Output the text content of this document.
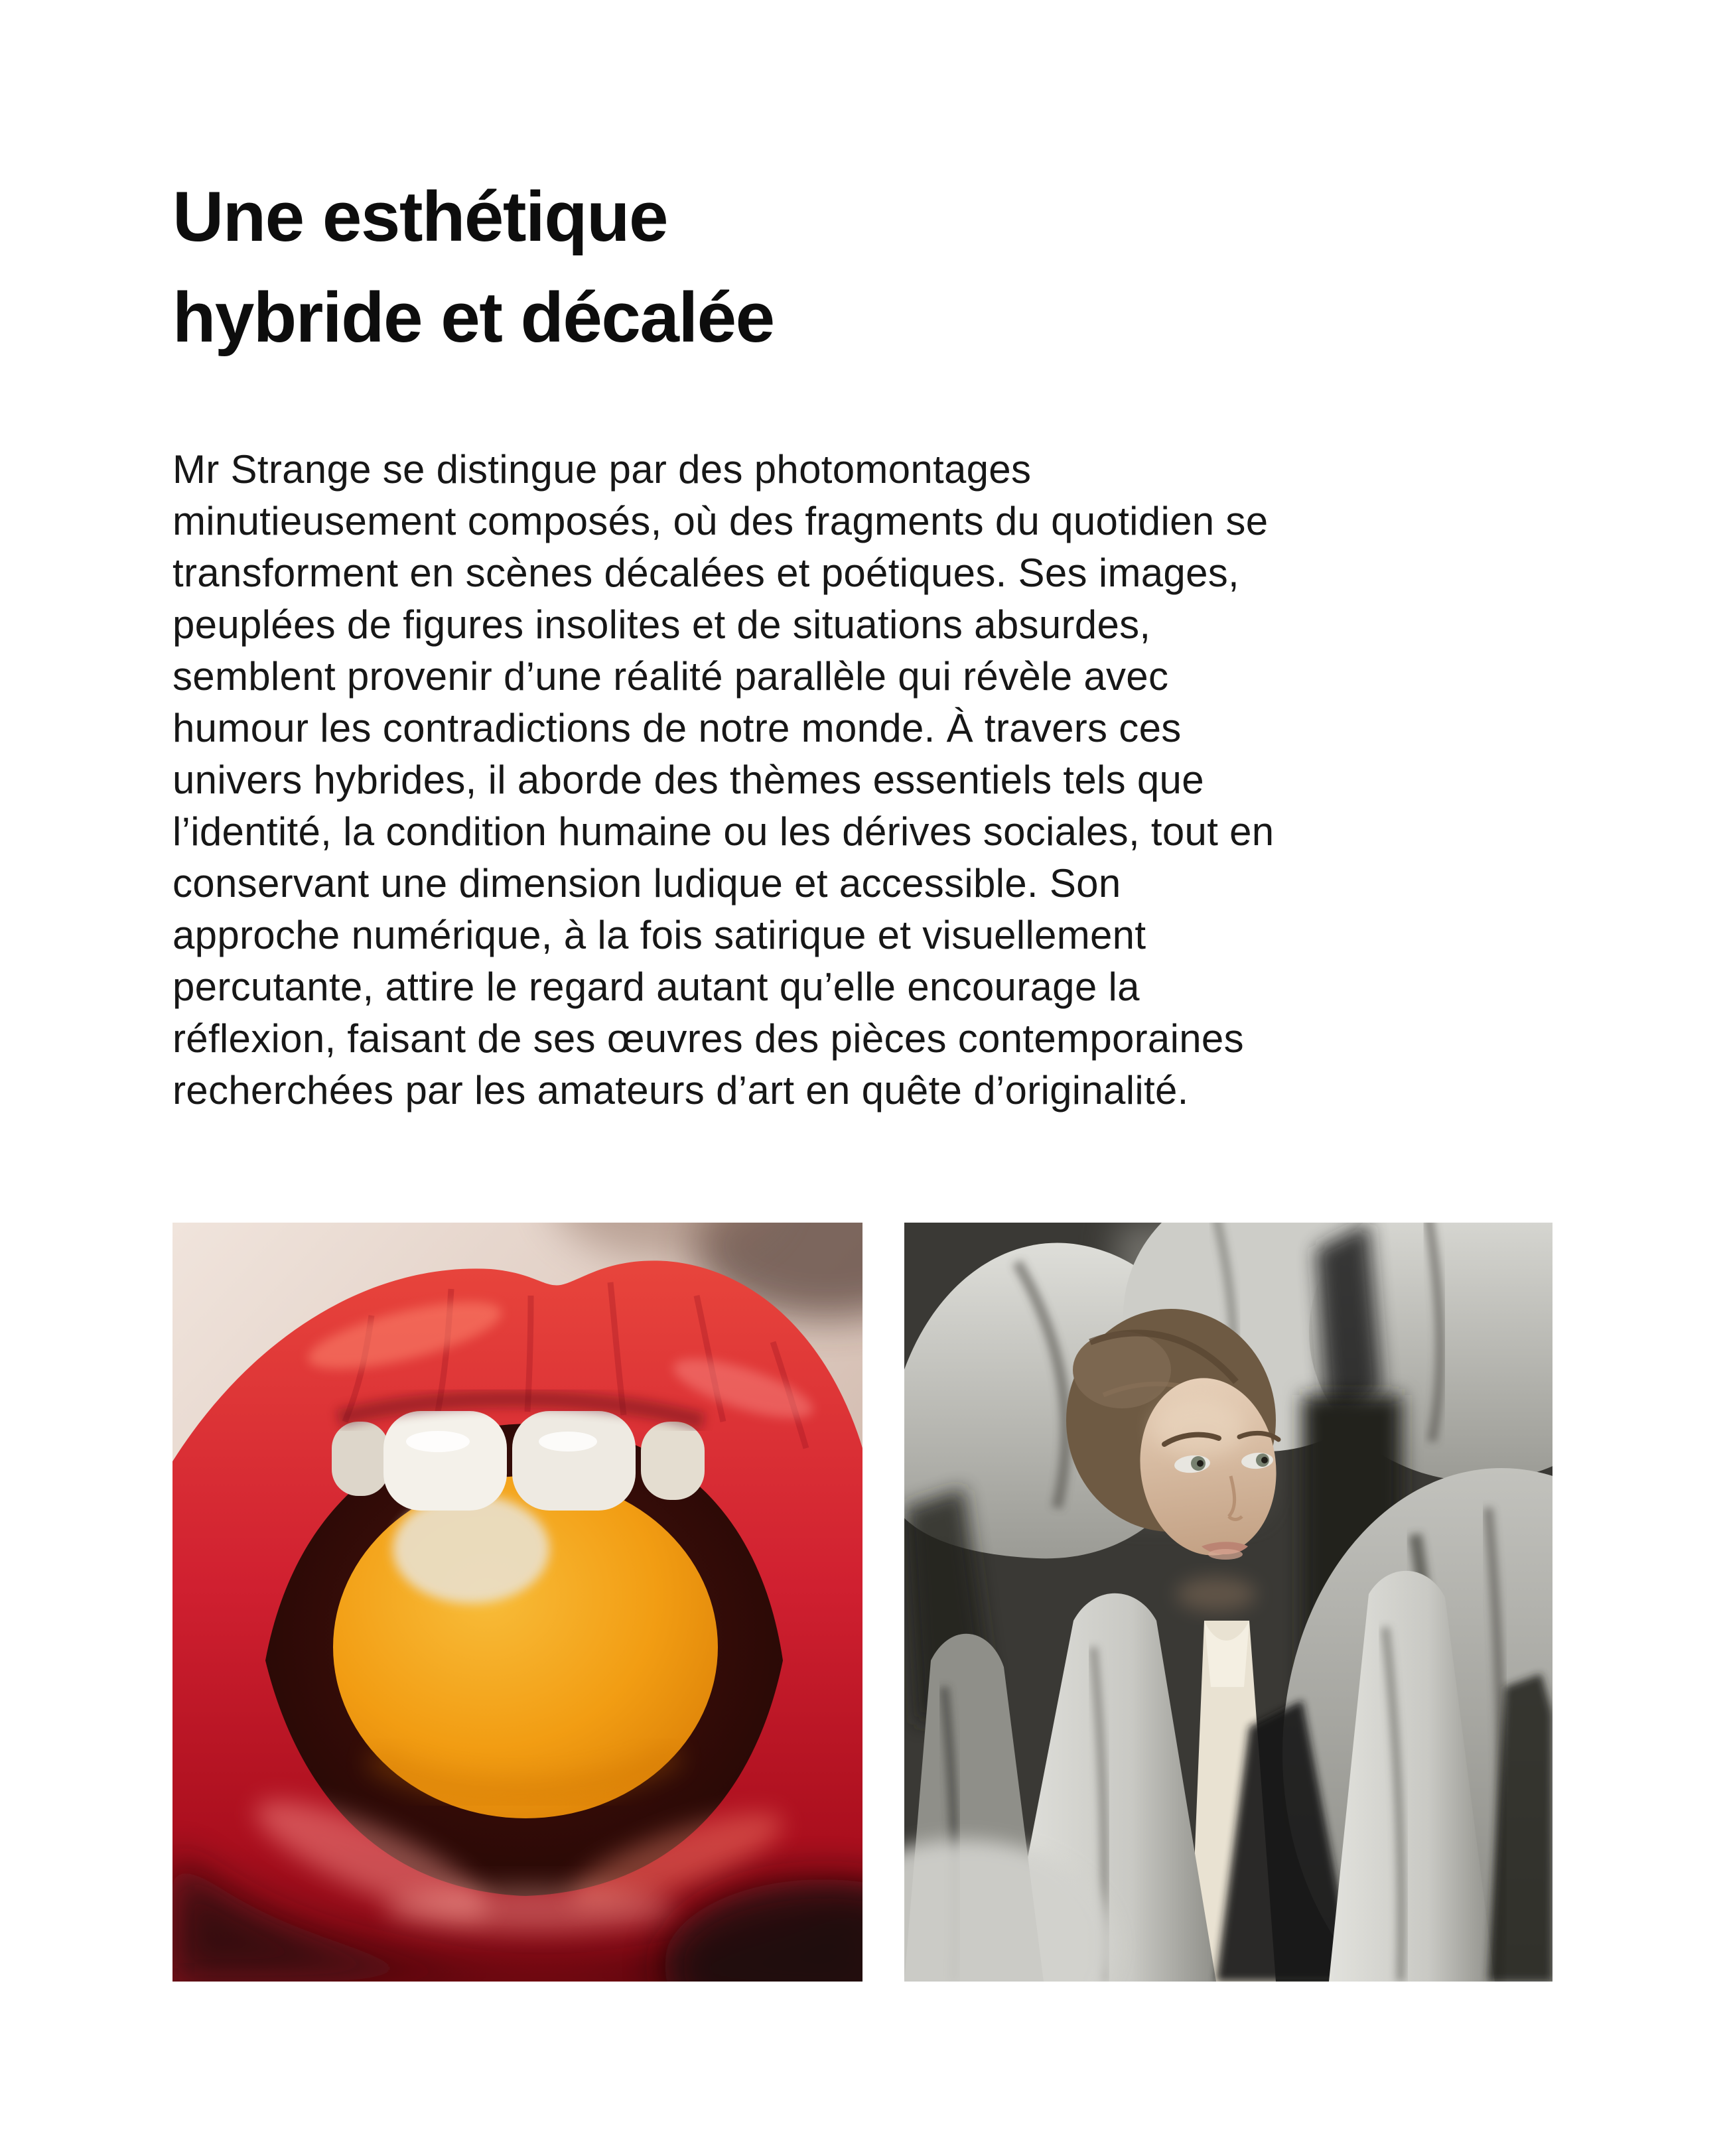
Une esthétique
hybride et décalée
Mr Strange se distingue par des photomontages
minutieusement composés, où des fragments du quotidien se
transforment en scènes décalées et poétiques. Ses images,
peuplées de figures insolites et de situations absurdes,
semblent provenir d’une réalité parallèle qui révèle avec
humour les contradictions de notre monde. À travers ces
univers hybrides, il aborde des thèmes essentiels tels que
l’identité, la condition humaine ou les dérives sociales, tout en
conservant une dimension ludique et accessible. Son
approche numérique, à la fois satirique et visuellement
percutante, attire le regard autant qu’elle encourage la
réflexion, faisant de ses œuvres des pièces contemporaines
recherchées par les amateurs d’art en quête d’originalité.
